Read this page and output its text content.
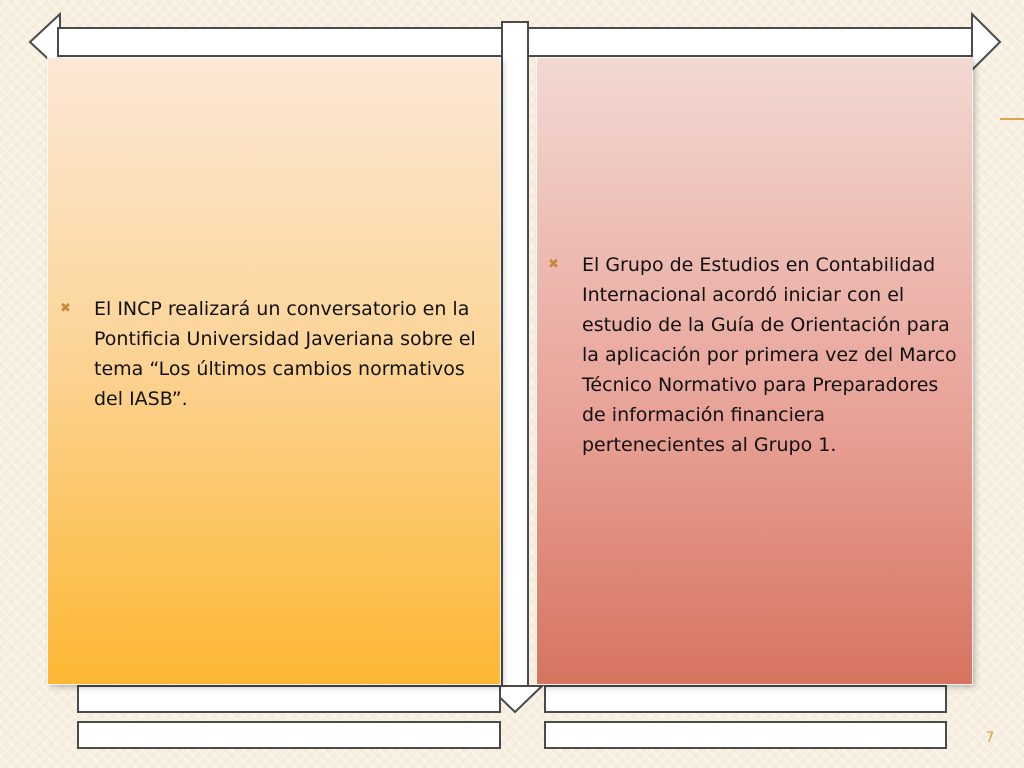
✖	El INCP realizará un conversatorio en la Pontificia Universidad Javeriana sobre el tema “Los últimos cambios normativos del IASB”.
✖	El Grupo de Estudios en Contabilidad Internacional acordó iniciar con el estudio de la Guía de Orientación para la aplicación por primera vez del Marco Técnico Normativo para Preparadores de información financiera pertenecientes al Grupo 1.
7
